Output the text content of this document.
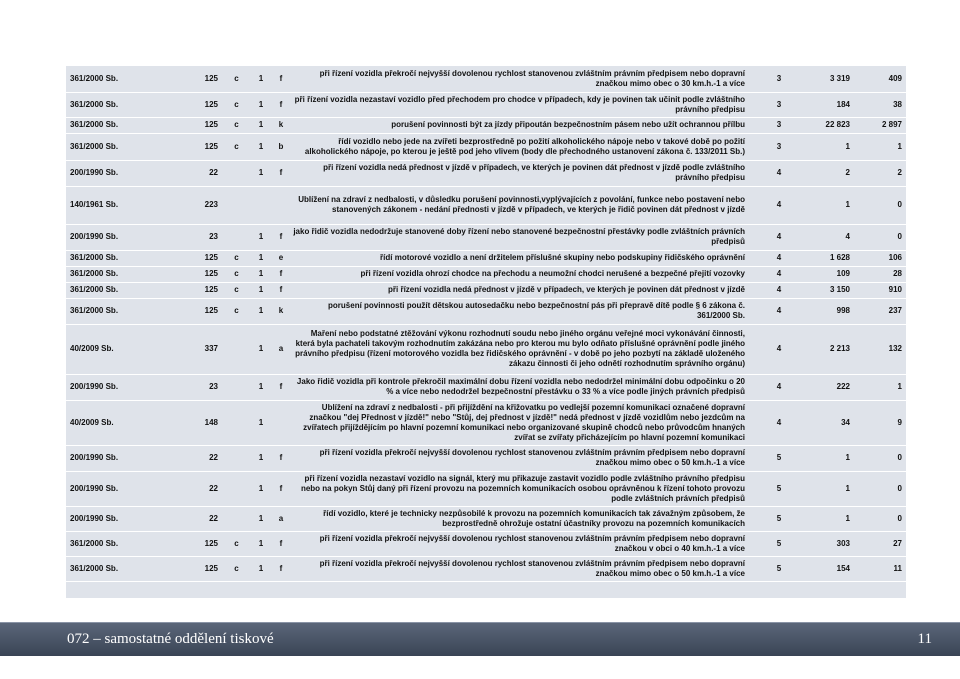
361/2000 Sb.	125	c	1	f	při řízení vozidla překročí nejvyšší dovolenou rychlost stanovenou zvláštním právním předpisem nebo dopravní značkou mimo obec o 30 km.h.-1 a více	3	3 319	409
361/2000 Sb.	125	c	1	f	při řízení vozidla nezastaví vozidlo před přechodem pro chodce v případech, kdy je povinen tak učinit podle zvláštního právního předpisu	3	184	38
361/2000 Sb.	125	c	1	k	porušení povinnosti být za jízdy připoután bezpečnostním pásem nebo užít ochrannou přílbu	3	22 823	2 897
361/2000 Sb.	125	c	1	b	řídí vozidlo nebo jede na zvířeti bezprostředně po požití alkoholického nápoje nebo v takové době po požití alkoholického nápoje, po kterou je ještě pod jeho vlivem (body dle přechodného ustanovení zákona č. 133/2011 Sb.)	3	1	1
200/1990 Sb.	22		1	f	při řízení vozidla nedá přednost v jízdě v případech, ve kterých je povinen dát přednost v jízdě podle zvláštního právního předpisu	4	2	2
140/1961 Sb.	223				Ublížení na zdraví z nedbalosti, v důsledku porušení povinnosti,vyplývajících z povolání, funkce nebo postavení nebo stanovených zákonem - nedání přednosti v jízdě v případech, ve kterých je řidič povinen dát přednost v jízdě	4	1	0
200/1990 Sb.	23		1	f	jako řidič vozidla nedodržuje stanovené doby řízení nebo stanovené bezpečnostní přestávky podle zvláštních právních předpisů	4	4	0
361/2000 Sb.	125	c	1	e	řídí motorové vozidlo a není držitelem příslušné skupiny nebo podskupiny řidičského oprávnění	4	1 628	106
361/2000 Sb.	125	c	1	f	při řízení vozidla ohrozí chodce na přechodu a neumožní chodci nerušené a bezpečné přejití vozovky	4	109	28
361/2000 Sb.	125	c	1	f	při řízení vozidla nedá přednost v jízdě v případech, ve kterých je povinen dát přednost v jízdě	4	3 150	910
361/2000 Sb.	125	c	1	k	porušení povinnosti použít dětskou autosedačku nebo bezpečnostní pás při přepravě dítě podle § 6 zákona č. 361/2000 Sb.	4	998	237
40/2009 Sb.	337		1	a	Maření nebo podstatné ztěžování výkonu rozhodnutí soudu nebo jiného orgánu veřejné moci vykonávání činnosti, která byla pachateli takovým rozhodnutím zakázána nebo pro kterou mu bylo odňato příslušné oprávnění podle jiného právního předpisu (řízení motorového vozidla bez řidičského oprávnění - v době po jeho pozbytí na základě uloženého zákazu činnosti či jeho odnětí rozhodnutím správního orgánu)	4	2 213	132
200/1990 Sb.	23		1	f	Jako řidič vozidla při kontrole překročil maximální dobu řízení vozidla nebo nedodržel minimální dobu odpočinku o 20 % a více nebo nedodržel bezpečnostní přestávku o 33 % a více podle jiných právních předpisů	4	222	1
40/2009 Sb.	148		1		Ublížení na zdraví z nedbalosti - při přijíždění na křižovatku po vedlejší pozemní komunikaci označené dopravní značkou "dej Přednost v jízdě!" nebo "Stůj, dej přednost v jízdě!" nedá přednost v jízdě vozidlům nebo jezdcům na zvířatech přijíždějícím po hlavní pozemní komunikaci nebo organizované skupině chodců nebo průvodcům hnaných zvířat se zvířaty přicházejícím po hlavní pozemní komunikaci	4	34	9
200/1990 Sb.	22		1	f	při řízení vozidla překročí nejvyšší dovolenou rychlost stanovenou zvláštním právním předpisem nebo dopravní značkou mimo obec o 50 km.h.-1 a více	5	1	0
200/1990 Sb.	22		1	f	při řízení vozidla nezastaví vozidlo na signál, který mu přikazuje zastavit vozidlo podle zvláštního právního předpisu nebo na pokyn Stůj daný při řízení provozu na pozemních komunikacích osobou oprávněnou k řízení tohoto provozu podle zvláštních právních předpisů	5	1	0
200/1990 Sb.	22		1	a	řídí vozidlo, které je technicky nezpůsobilé k provozu na pozemních komunikacích tak závažným způsobem, že bezprostředně ohrožuje ostatní účastníky provozu na pozemních komunikacích	5	1	0
361/2000 Sb.	125	c	1	f	při řízení vozidla překročí nejvyšší dovolenou rychlost stanovenou zvláštním právním předpisem nebo dopravní značkou v obci o 40 km.h.-1 a více	5	303	27
361/2000 Sb.	125	c	1	f	při řízení vozidla překročí nejvyšší dovolenou rychlost stanovenou zvláštním právním předpisem nebo dopravní značkou mimo obec o 50 km.h.-1 a více	5	154	11
072 – samostatné oddělení tiskové	11
